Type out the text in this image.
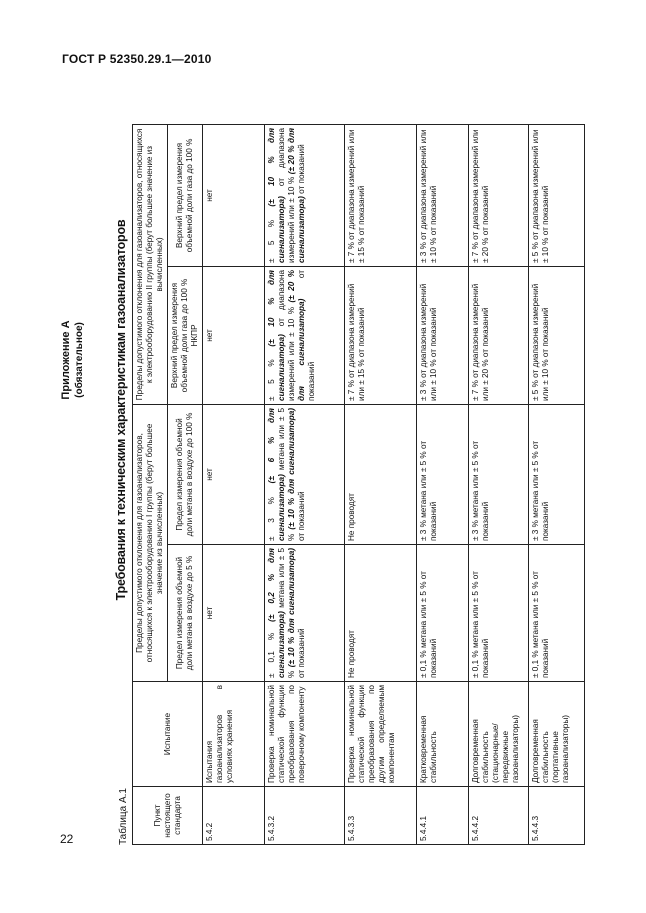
ГОСТ Р 52350.29.1—2010
Приложение А (обязательное) Требования к техническим характеристикам газоанализаторов
Таблица А.1	Пункт настоящего стандарта	Испытание	Пределы допустимого отклонения для газоанализаторов, относящихся к электрооборудованию I группы (берут большее значение из вычисленных)		Пределы допустимого отклонения для газоанализаторов, относящихся к электрооборудованию II группы (берут большее значение из вычисленных)	
		Предел измерения объемной доли метана в воздухе до 5 %	Предел измерения объемной доли метана в воздухе до 100 %	Верхний предел измерения объемной доли газа до 100 % НКПР	Верхний предел измерения объемной доли газа до 100 %
5.4.2	Испытания газоанализаторов в условиях хранения	нет	нет	нет	нет
5.4.3.2	Проверка номинальной статической функции преобразования по поверочному компоненту	± 0,1 % (± 0,2 % для сигнализатора) метана или ± 5 % (± 10 % для сигнализатора) от показаний	± 3 % (± 6 % для сигнализатора) метана или ± 5 % (± 10 % для сигнализатора) от показаний	± 5 % (± 10 % для сигнализатора) от диапазона измерений или ± 10 % (± 20 % для сигнализатора) от показаний	± 5 % (± 10 % для сигнализатора) от диапазона измерений или ± 10 % (± 20 % для сигнализатора) от показаний
5.4.3.3	Проверка номинальной статической функции преобразования по другим определяемым компонентам	Не проводят	Не проводят	± 7 % от диапазона измерений или ± 15 % от показаний	± 7 % от диапазона измерений или ± 15 % от показаний
5.4.4.1	Кратковременная стабильность	± 0,1 % метана или ± 5 % от показаний	± 3 % метана или ± 5 % от показаний	± 3 % от диапазона измерений или ± 10 % от показаний	± 3 % от диапазона измерений или ± 10 % от показаний
5.4.4.2	Долговременная стабильность (стационарные/передвижные газоанализаторы)	± 0,1 % метана или ± 5 % от показаний	± 3 % метана или ± 5 % от показаний	± 7 % от диапазона измерений или ± 20 % от показаний	± 7 % от диапазона измерений или ± 20 % от показаний
5.4.4.3	Долговременная стабильность (портативные газоанализаторы)	± 0,1 % метана или ± 5 % от показаний	± 3 % метана или ± 5 % от показаний	± 5 % от диапазона измерений или ± 10 % от показаний	± 5 % от диапазона измерений или ± 10 % от показаний
22
